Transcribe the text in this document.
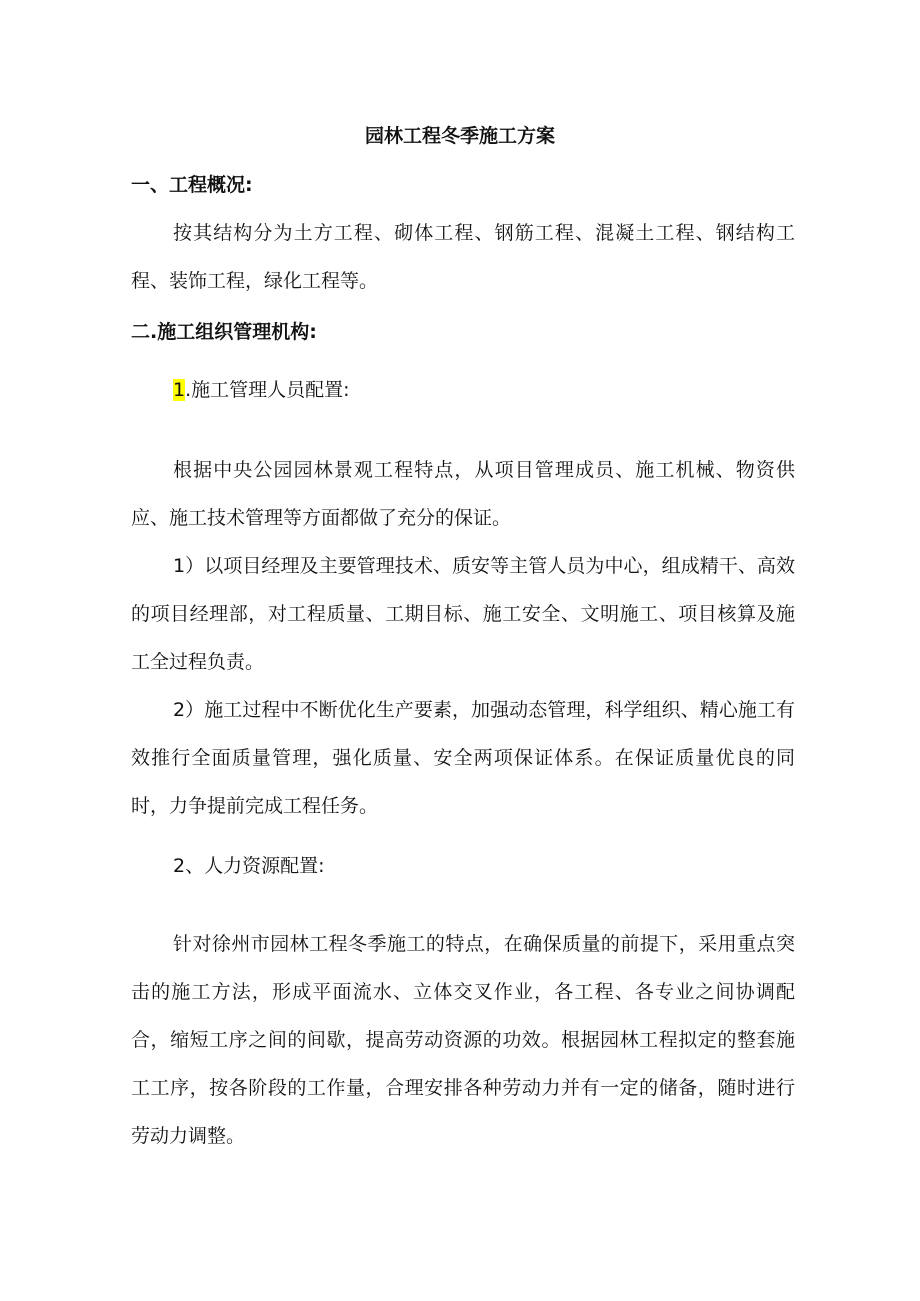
园林工程冬季施工方案
一、工程概况:

按其结构分为土方工程、砌体工程、钢筋工程、混凝土工程、钢结构工程、装饰工程，绿化工程等。

二.施工组织管理机构:
1.施工管理人员配置:

根据中央公园园林景观工程特点，从项目管理成员、施工机械、物资供应、施工技术管理等方面都做了充分的保证。

1）以项目经理及主要管理技术、质安等主管人员为中心，组成精干、高效的项目经理部，对工程质量、工期目标、施工安全、文明施工、项目核算及施工全过程负责。

2）施工过程中不断优化生产要素，加强动态管理，科学组织、精心施工有效推行全面质量管理，强化质量、安全两项保证体系。在保证质量优良的同时，力争提前完成工程任务。

2、人力资源配置:

针对徐州市园林工程冬季施工的特点，在确保质量的前提下，采用重点突击的施工方法，形成平面流水、立体交叉作业，各工程、各专业之间协调配合，缩短工序之间的间歇，提高劳动资源的功效。根据园林工程拟定的整套施工工序，按各阶段的工作量，合理安排各种劳动力并有一定的储备，随时进行劳动力调整。
